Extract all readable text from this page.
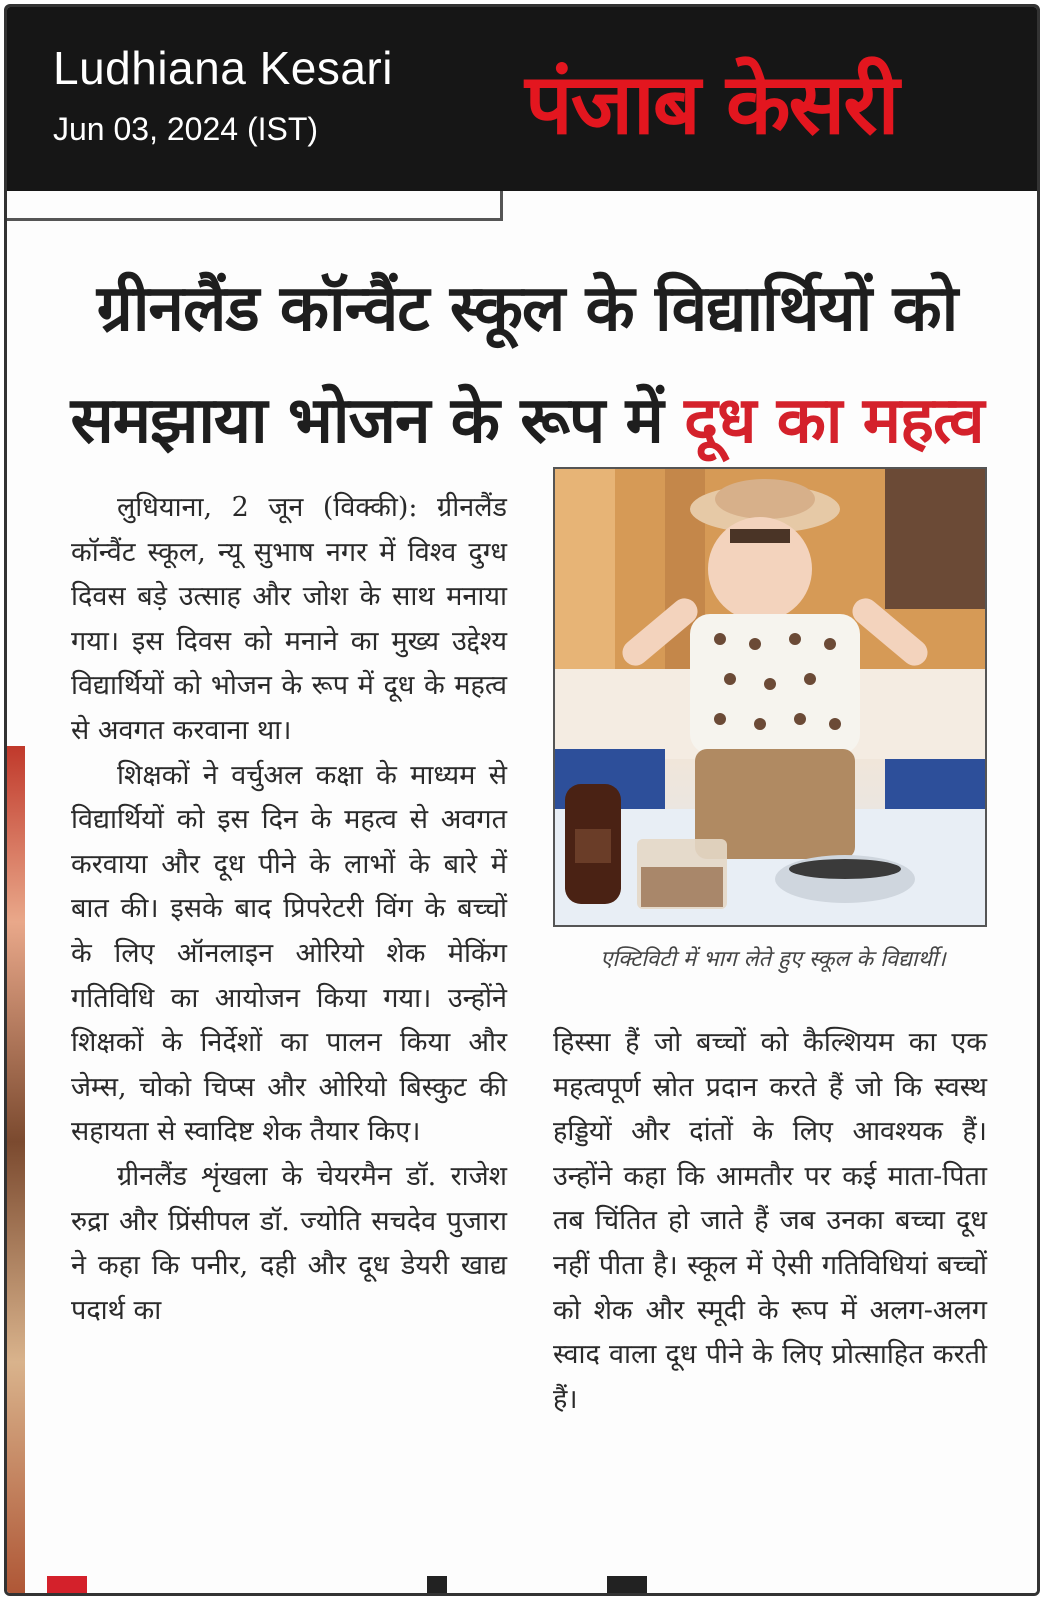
Ludhiana Kesari
Jun 03, 2024 (IST) पंजाब केसरी
ग्रीनलैंड कॉन्वैंट स्कूल के विद्यार्थियों को
समझाया भोजन के रूप में दूध का महत्व

लुधियाना, 2 जून (विक्की): ग्रीनलैंड कॉन्वैंट स्कूल, न्यू सुभाष नगर में विश्व दुग्ध दिवस बड़े उत्साह और जोश के साथ मनाया गया। इस दिवस को मनाने का मुख्य उद्देश्य विद्यार्थियों को भोजन के रूप में दूध के महत्व से अवगत करवाना था।

शिक्षकों ने वर्चुअल कक्षा के माध्यम से विद्यार्थियों को इस दिन के महत्व से अवगत करवाया और दूध पीने के लाभों के बारे में बात की। इसके बाद प्रिपरेटरी विंग के बच्चों के लिए ऑनलाइन ओरियो शेक मेकिंग गतिविधि का आयोजन किया गया। उन्होंने शिक्षकों के निर्देशों का पालन किया और जेम्स, चोको चिप्स और ओरियो बिस्कुट की सहायता से स्वादिष्ट शेक तैयार किए।

ग्रीनलैंड शृंखला के चेयरमैन डॉ. राजेश रुद्रा और प्रिंसीपल डॉ. ज्योति सचदेव पुजारा ने कहा कि पनीर, दही और दूध डेयरी खाद्य पदार्थ का

एक्टिविटी में भाग लेते हुए स्कूल के विद्यार्थी।

हिस्सा हैं जो बच्चों को कैल्शियम का एक महत्वपूर्ण स्रोत प्रदान करते हैं जो कि स्वस्थ हड्डियों और दांतों के लिए आवश्यक हैं। उन्होंने कहा कि आमतौर पर कई माता-पिता तब चिंतित हो जाते हैं जब उनका बच्चा दूध नहीं पीता है। स्कूल में ऐसी गतिविधियां बच्चों को शेक और स्मूदी के रूप में अलग-अलग स्वाद वाला दूध पीने के लिए प्रोत्साहित करती हैं।
